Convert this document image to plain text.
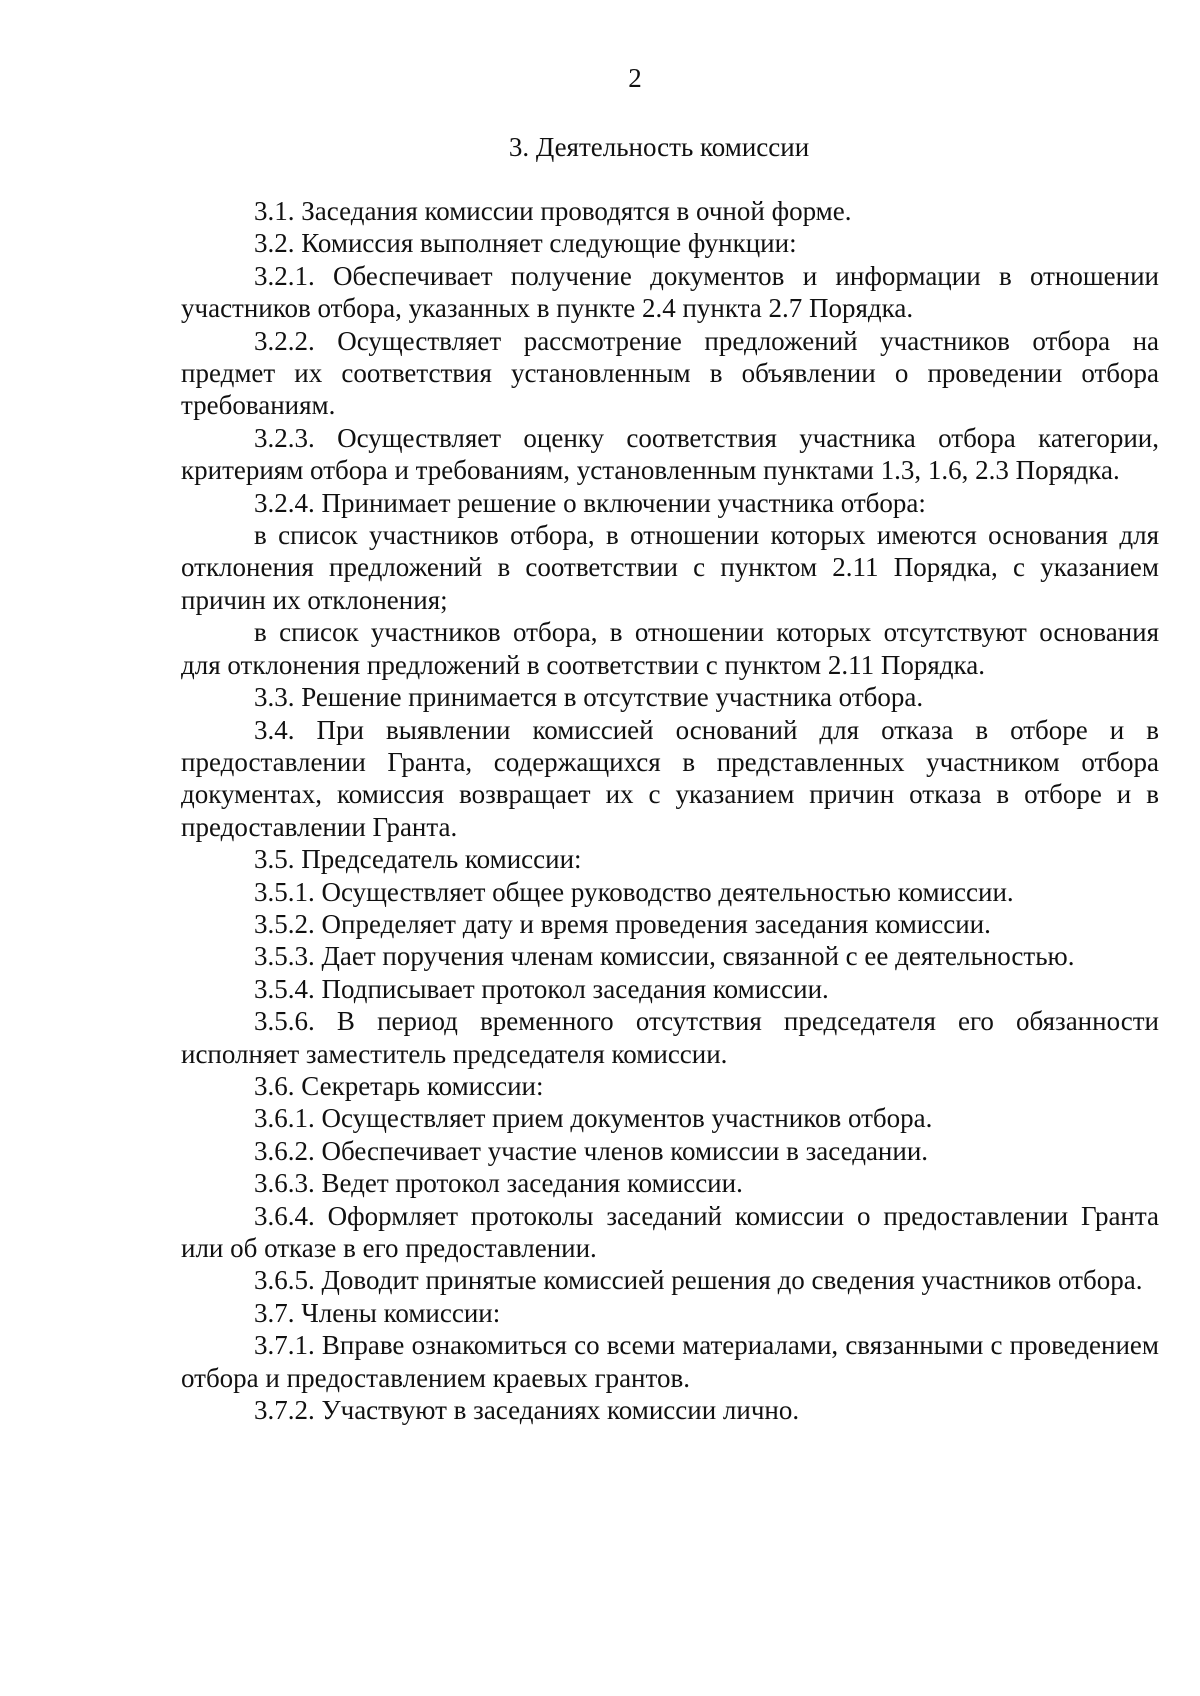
2
3. Деятельность комиссии

3.1. Заседания комиссии проводятся в очной форме.

3.2. Комиссия выполняет следующие функции:

3.2.1. Обеспечивает получение документов и информации в отношении участников отбора, указанных в пункте 2.4 пункта 2.7 Порядка.

3.2.2. Осуществляет рассмотрение предложений участников отбора на предмет их соответствия установленным в объявлении о проведении отбора требованиям.

3.2.3. Осуществляет оценку соответствия участника отбора категории, критериям отбора и требованиям, установленным пунктами 1.3, 1.6, 2.3 Порядка.

3.2.4. Принимает решение о включении участника отбора:

в список участников отбора, в отношении которых имеются основания для отклонения предложений в соответствии с пунктом 2.11 Порядка, с указанием причин их отклонения;

в список участников отбора, в отношении которых отсутствуют основания для отклонения предложений в соответствии с пунктом 2.11 Порядка.

3.3. Решение принимается в отсутствие участника отбора.

3.4. При выявлении комиссией оснований для отказа в отборе и в предоставлении Гранта, содержащихся в представленных участником отбора документах, комиссия возвращает их с указанием причин отказа в отборе и в предоставлении Гранта.

3.5. Председатель комиссии:

3.5.1. Осуществляет общее руководство деятельностью комиссии.

3.5.2. Определяет дату и время проведения заседания комиссии.

3.5.3. Дает поручения членам комиссии, связанной с ее деятельностью.

3.5.4. Подписывает протокол заседания комиссии.

3.5.6. В период временного отсутствия председателя его обязанности исполняет заместитель председателя комиссии.

3.6. Секретарь комиссии:

3.6.1. Осуществляет прием документов участников отбора.

3.6.2. Обеспечивает участие членов комиссии в заседании.

3.6.3. Ведет протокол заседания комиссии.

3.6.4. Оформляет протоколы заседаний комиссии о предоставлении Гранта или об отказе в его предоставлении.

3.6.5. Доводит принятые комиссией решения до сведения участников отбора.

3.7. Члены комиссии:

3.7.1. Вправе ознакомиться со всеми материалами, связанными с проведением отбора и предоставлением краевых грантов.

3.7.2. Участвуют в заседаниях комиссии лично.
